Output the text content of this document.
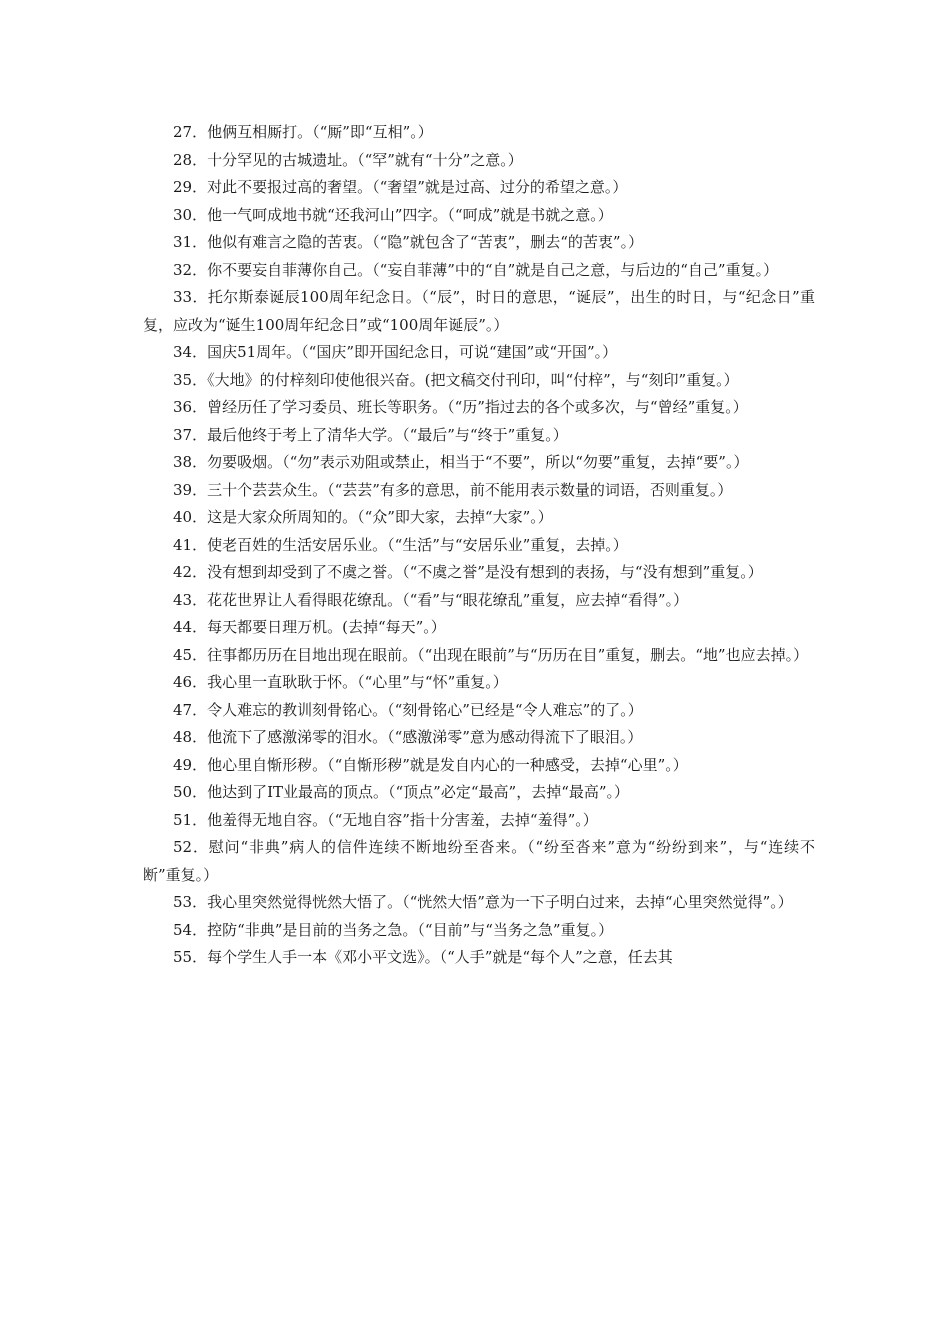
27．他俩互相厮打。（“厮”即“互相”。）

28．十分罕见的古城遗址。（“罕”就有“十分”之意。）

29．对此不要报过高的奢望。（“奢望”就是过高、过分的希望之意。）

30．他一气呵成地书就“还我河山”四字。（“呵成”就是书就之意。）

31．他似有难言之隐的苦衷。（“隐”就包含了“苦衷”，删去“的苦衷”。）

32．你不要妄自菲薄你自己。（“妄自菲薄”中的“自”就是自己之意，与后边的“自己”重复。）

33．托尔斯泰诞辰100周年纪念日。（“辰”，时日的意思，“诞辰”，出生的时日，与“纪念日”重复，应改为“诞生100周年纪念日”或“100周年诞辰”。）

34．国庆51周年。（“国庆”即开国纪念日，可说“建国”或“开国”。）

35．《大地》的付梓刻印使他很兴奋。(把文稿交付刊印，叫“付梓”，与“刻印”重复。）

36．曾经历任了学习委员、班长等职务。（“历”指过去的各个或多次，与“曾经”重复。）

37．最后他终于考上了清华大学。（“最后”与“终于”重复。）

38．勿要吸烟。（“勿”表示劝阻或禁止，相当于“不要”，所以“勿要”重复，去掉“要”。）

39．三十个芸芸众生。（“芸芸”有多的意思，前不能用表示数量的词语，否则重复。）

40．这是大家众所周知的。（“众”即大家，去掉“大家”。）

41．使老百姓的生活安居乐业。（“生活”与“安居乐业”重复，去掉。）

42．没有想到却受到了不虞之誉。（“不虞之誉”是没有想到的表扬，与“没有想到”重复。）

43．花花世界让人看得眼花缭乱。（“看”与“眼花缭乱”重复，应去掉“看得”。）

44．每天都要日理万机。(去掉“每天”。）

45．往事都历历在目地出现在眼前。（“出现在眼前”与“历历在目”重复，删去。“地”也应去掉。）

46．我心里一直耿耿于怀。（“心里”与“怀”重复。）

47．令人难忘的教训刻骨铭心。（“刻骨铭心”已经是“令人难忘”的了。）

48．他流下了感激涕零的泪水。（“感激涕零”意为感动得流下了眼泪。）

49．他心里自惭形秽。（“自惭形秽”就是发自内心的一种感受，去掉“心里”。）

50．他达到了IT业最高的顶点。（“顶点”必定“最高”，去掉“最高”。）

51．他羞得无地自容。（“无地自容”指十分害羞，去掉“羞得”。）

52．慰问“非典”病人的信件连续不断地纷至沓来。（“纷至沓来”意为“纷纷到来”，与“连续不断”重复。）

53．我心里突然觉得恍然大悟了。（“恍然大悟”意为一下子明白过来，去掉“心里突然觉得”。）

54．控防“非典”是目前的当务之急。（“目前”与“当务之急”重复。）

55．每个学生人手一本《邓小平文选》。（“人手”就是“每个人”之意，任去其
